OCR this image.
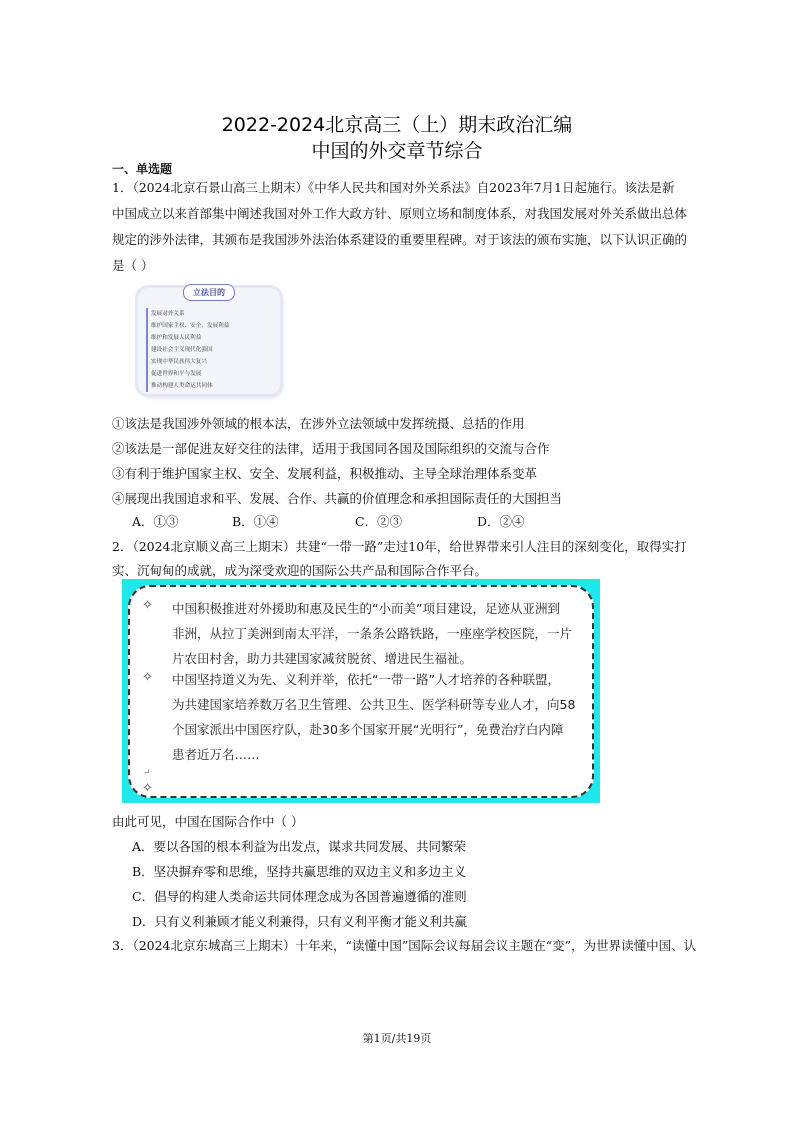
2022-2024北京高三（上）期末政治汇编
中国的外交章节综合
一、单选题
1．（2024北京石景山高三上期末）《中华人民共和国对外关系法》自2023年7月1日起施行。该法是新
中国成立以来首部集中阐述我国对外工作大政方针、原则立场和制度体系，对我国发展对外关系做出总体
规定的涉外法律，其颁布是我国涉外法治体系建设的重要里程碑。对于该法的颁布实施，以下认识正确的
是（ ）
立法目的
发展对外关系
维护国家主权、安全、发展利益
维护和发展人民利益
建设社会主义现代化强国
实现中华民族伟大复兴
促进世界和平与发展
推动构建人类命运共同体
①该法是我国涉外领域的根本法，在涉外立法领域中发挥统摄、总括的作用
②该法是一部促进友好交往的法律，适用于我国同各国及国际组织的交流与合作
③有利于维护国家主权、安全、发展利益，积极推动、主导全球治理体系变革
④展现出我国追求和平、发展、合作、共赢的价值理念和承担国际责任的大国担当
A．①③	B．①④	C．②③	D．②④
2．（2024北京顺义高三上期末）共建“一带一路”走过10年，给世界带来引人注目的深刻变化，取得实打
实、沉甸甸的成就，成为深受欢迎的国际公共产品和国际合作平台。
✧ 中国积极推进对外援助和惠及民生的“小而美”项目建设，足迹从亚洲到
非洲，从拉丁美洲到南太平洋，一条条公路铁路，一座座学校医院，一片
片农田村舍，助力共建国家减贫脱贫、增进民生福祉。
✧ 中国坚持道义为先、义利并举，依托“一带一路”人才培养的各种联盟，
为共建国家培养数万名卫生管理、公共卫生、医学科研等专业人才，向58
个国家派出中国医疗队，赴30多个国家开展“光明行”，免费治疗白内障
患者近万名……
↵
✧
由此可见，中国在国际合作中（ ）
A．要以各国的根本利益为出发点，谋求共同发展、共同繁荣
B．坚决摒弃零和思维，坚持共赢思维的双边主义和多边主义
C．倡导的构建人类命运共同体理念成为各国普遍遵循的准则
D．只有义利兼顾才能义利兼得，只有义利平衡才能义利共赢
3．（2024北京东城高三上期末）十年来，“读懂中国”国际会议每届会议主题在“变”，为世界读懂中国、认
第1页/共19页
